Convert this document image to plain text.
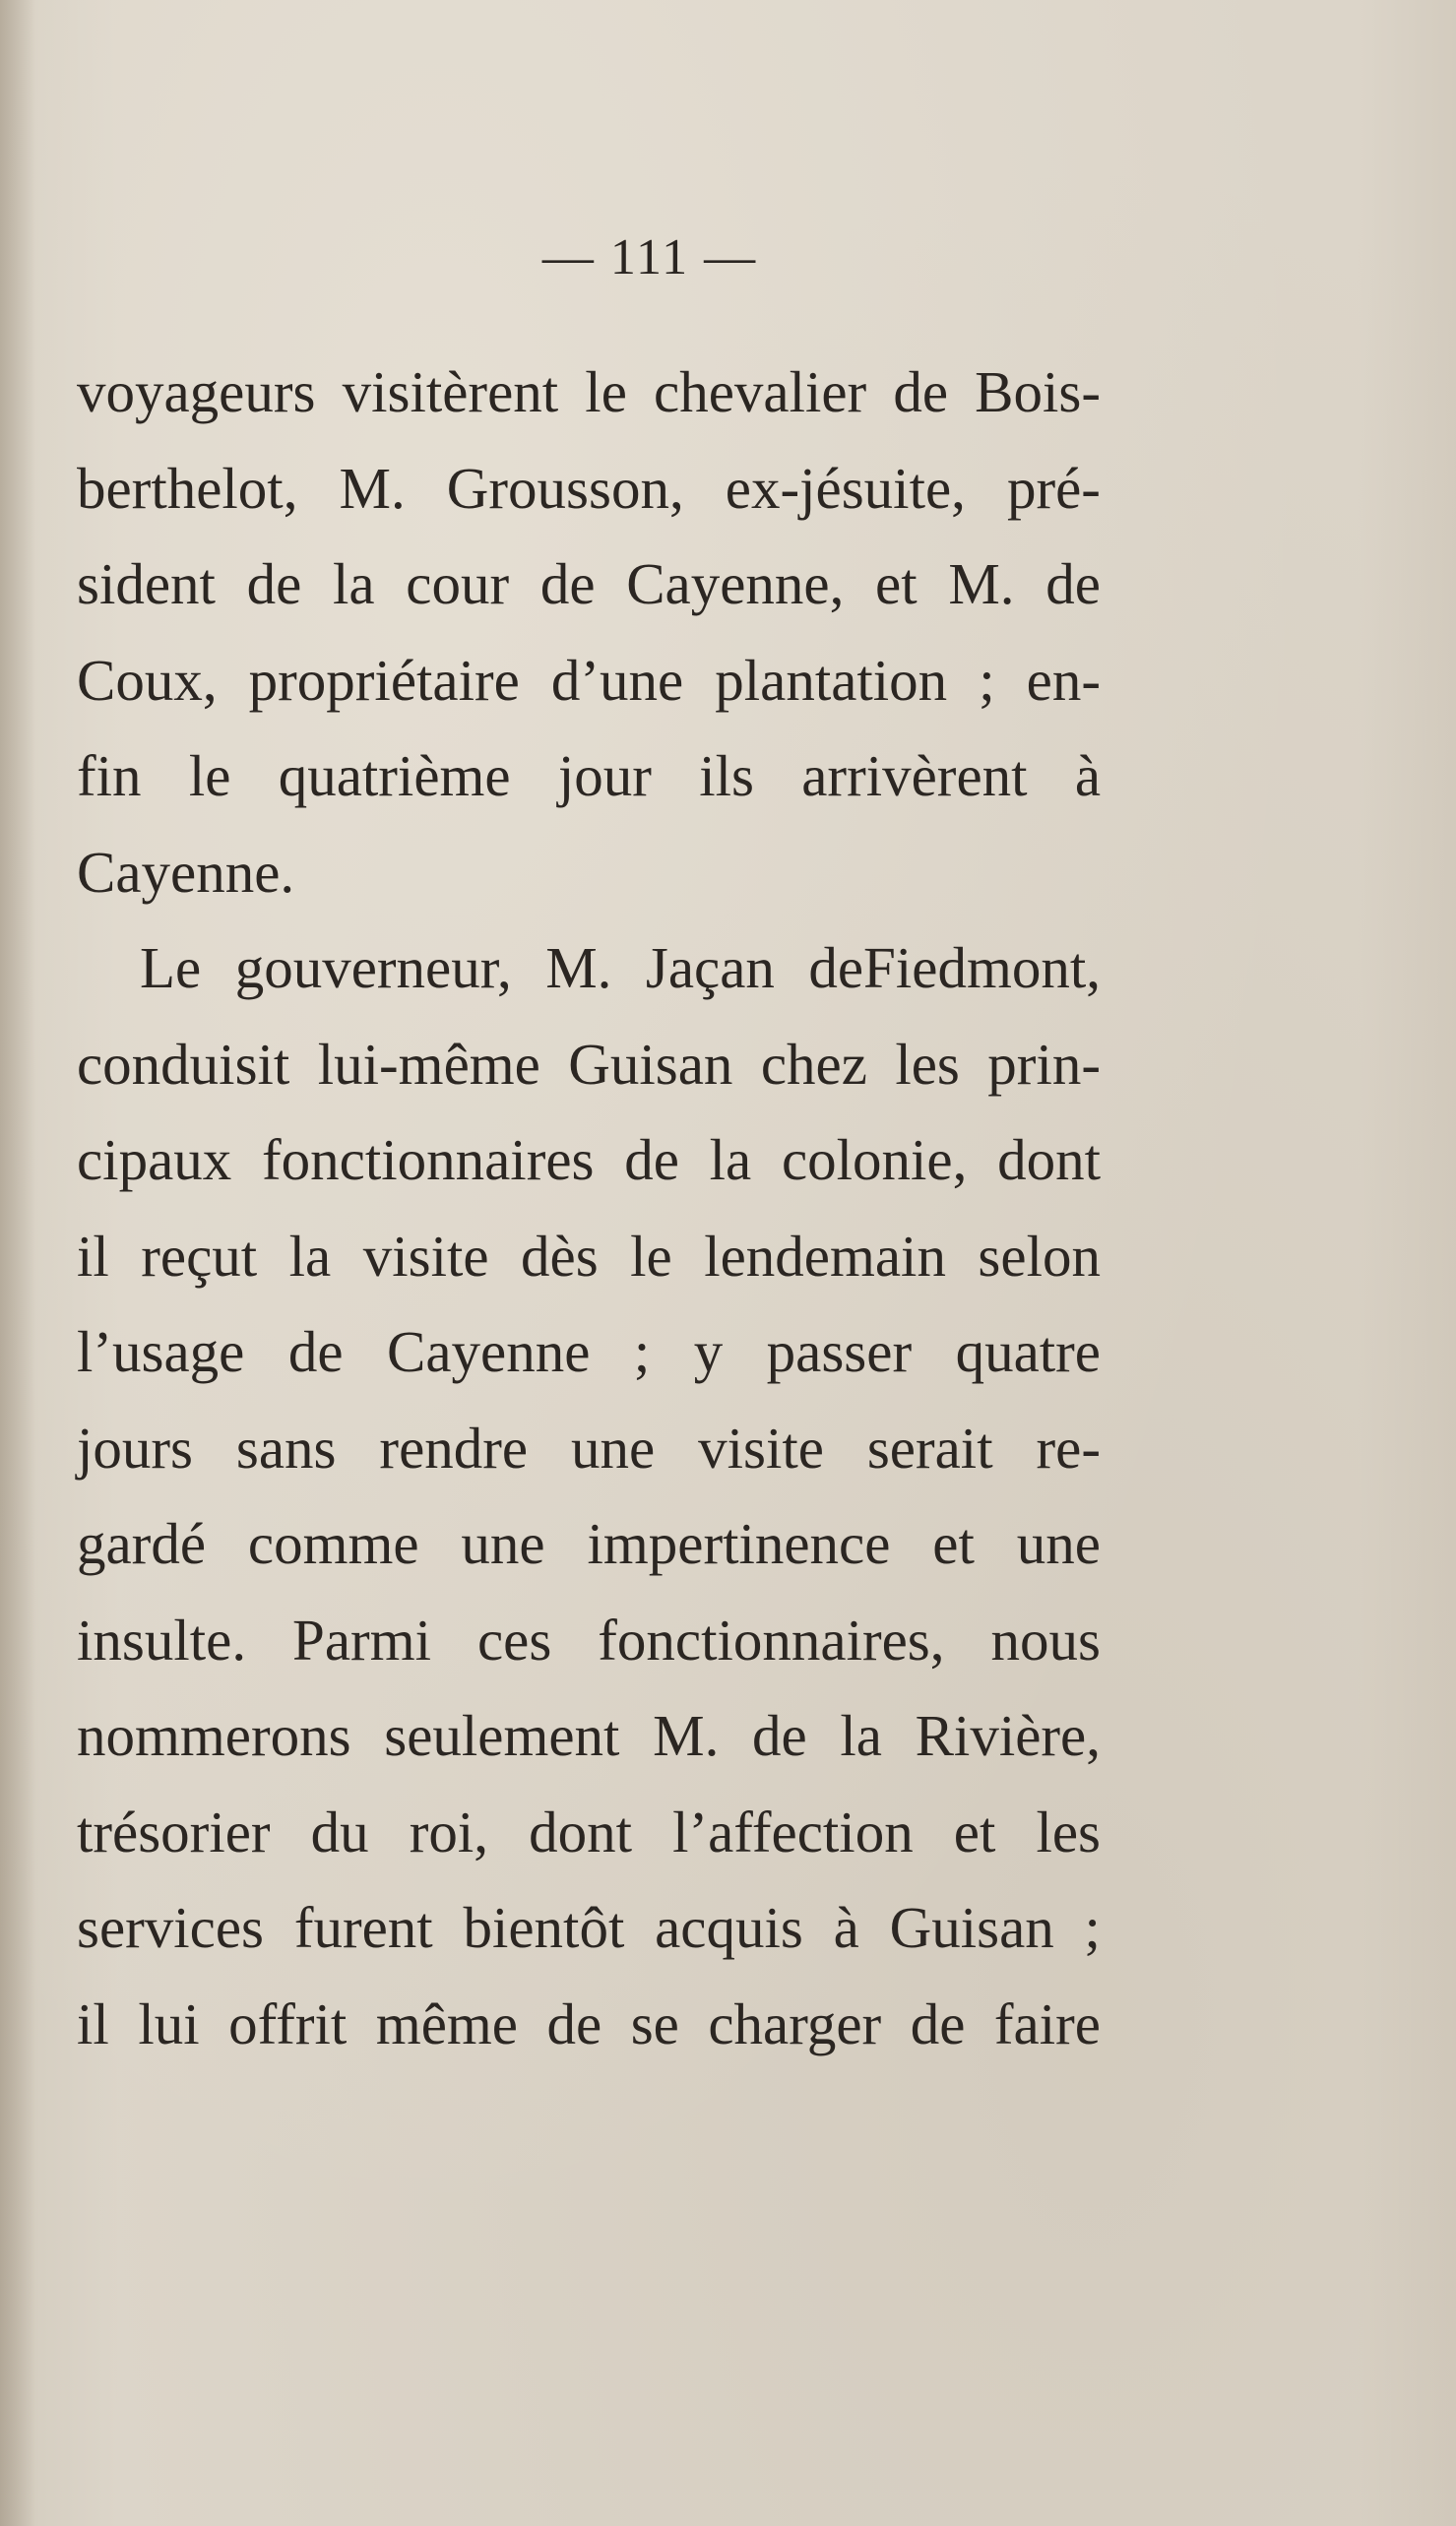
— 111 —
voyageurs visitèrent le chevalier de Bois-
berthelot, M. Grousson, ex-jésuite, pré-
sident de la cour de Cayenne, et M. de
Coux, propriétaire d’une plantation ; en-
fin le quatrième jour ils arrivèrent à
Cayenne.
Le gouverneur, M. Jaçan deFiedmont,
conduisit lui-même Guisan chez les prin-
cipaux fonctionnaires de la colonie, dont
il reçut la visite dès le lendemain selon
l’usage de Cayenne ; y passer quatre
jours sans rendre une visite serait re-
gardé comme une impertinence et une
insulte. Parmi ces fonctionnaires, nous
nommerons seulement M. de la Rivière,
trésorier du roi, dont l’affection et les
services furent bientôt acquis à Guisan ;
il lui offrit même de se charger de faire
